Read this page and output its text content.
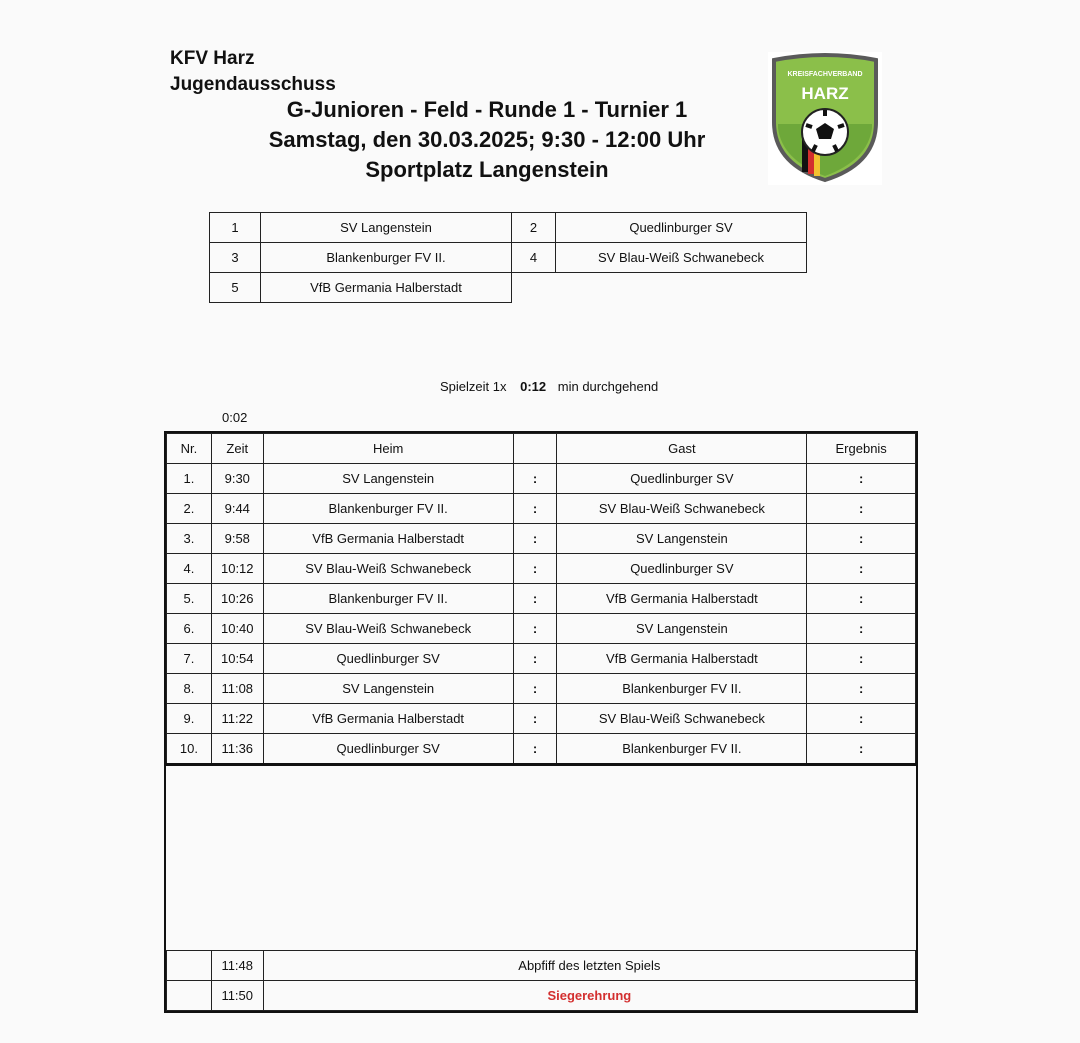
KFV Harz
Jugendausschuss
G-Junioren - Feld - Runde 1 - Turnier 1
Samstag, den 30.03.2025; 9:30 - 12:00 Uhr
Sportplatz Langenstein
KREISFACHVERBAND
HARZ
1	SV Langenstein	2	Quedlinburger SV
3	Blankenburger FV II.	4	SV Blau-Weiß Schwanebeck
5	VfB Germania Halberstadt		
Spielzeit 1x 0:12 min durchgehend
0:02
Nr.	Zeit	Heim		Gast	Ergebnis
1.	9:30	SV Langenstein	:	Quedlinburger SV	:
2.	9:44	Blankenburger FV II.	:	SV Blau-Weiß Schwanebeck	:
3.	9:58	VfB Germania Halberstadt	:	SV Langenstein	:
4.	10:12	SV Blau-Weiß Schwanebeck	:	Quedlinburger SV	:
5.	10:26	Blankenburger FV II.	:	VfB Germania Halberstadt	:
6.	10:40	SV Blau-Weiß Schwanebeck	:	SV Langenstein	:
7.	10:54	Quedlinburger SV	:	VfB Germania Halberstadt	:
8.	11:08	SV Langenstein	:	Blankenburger FV II.	:
9.	11:22	VfB Germania Halberstadt	:	SV Blau-Weiß Schwanebeck	:
10.	11:36	Quedlinburger SV	:	Blankenburger FV II.	:
	11:48	Abpfiff des letzten Spiels
	11:50	Siegerehrung
